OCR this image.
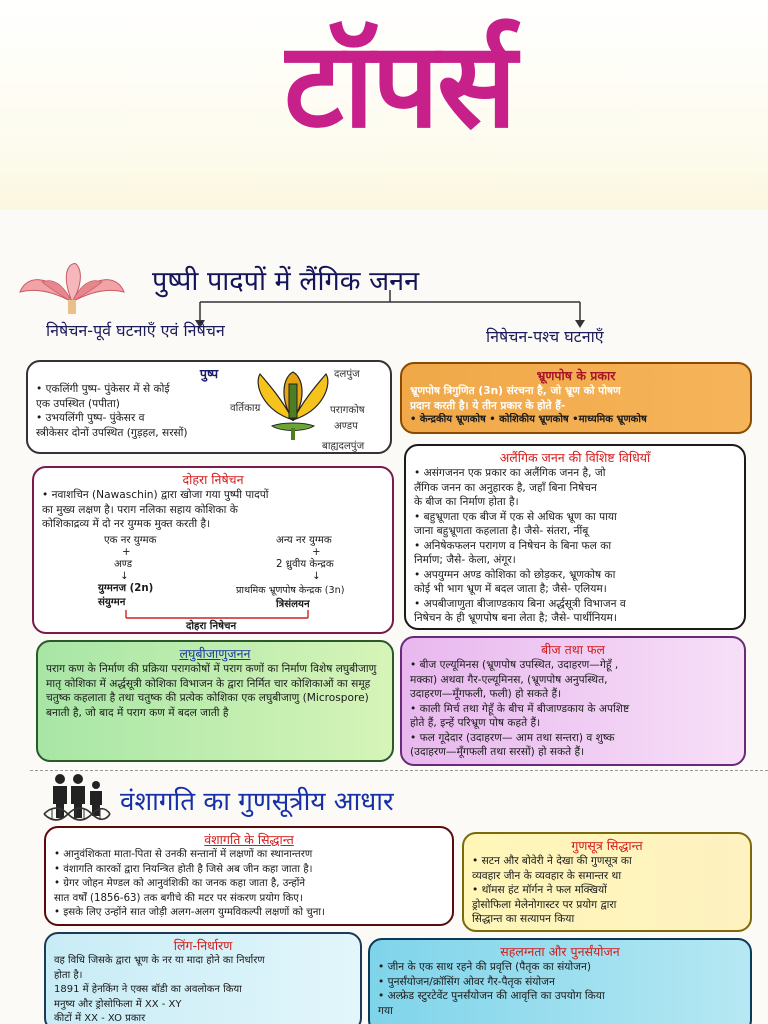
टॉपर्स
पुष्पी पादपों में लैंगिक जनन
निषेचन-पूर्व घटनाएँ एवं निषेचन	निषेचन-पश्च घटनाएँ
पुष्प
• एकलिंगी पुष्प- पुंकेसर में से कोई
एक उपस्थित (पपीता)
• उभयलिंगी पुष्प- पुंकेसर व
स्त्रीकेसर दोनों उपस्थित (गुड़हल, सरसों)
दलपुंज
वर्तिकाग्र	परागकोष
अण्डप
बाह्यदलपुंज
भ्रूणपोष के प्रकार
भ्रूणपोष त्रिगुणित (3n) संरचना है, जो भ्रूण को पोषण
प्रदान करती है। ये तीन प्रकार के होते हैं-
• केन्द्रकीय भ्रूणकोष • कोशिकीय भ्रूणकोष •माध्यमिक भ्रूणकोष
दोहरा निषेचन
• नवाशचिन (Nawaschin) द्वारा खोजा गया पुष्पी पादपों
का मुख्य लक्षण है। पराग नलिका सहाय कोशिका के
कोशिकाद्रव्य में दो नर युग्मक मुक्त करती है।
एक नर युग्मक
+
अण्ड
↓
युग्मनज (2n)
संयुग्मन
अन्य नर युग्मक
+
2 ध्रुवीय केन्द्रक
↓
प्राथमिक भ्रूणपोष केन्द्रक (3n)
त्रिसंलयन
दोहरा निषेचन
अलैंगिक जनन की विशिष्ट विधियाँ
• असंगजनन एक प्रकार का अलैंगिक जनन है, जो
लैंगिक जनन का अनुहारक है, जहाँ बिना निषेचन
के बीज का निर्माण होता है।
• बहुभ्रूणता एक बीज में एक से अधिक भ्रूण का पाया
जाना बहुभ्रूणता कहलाता है। जैसे- संतरा, नींबू
• अनिषेकफलन परागण व निषेचन के बिना फल का
निर्माण; जैसे- केला, अंगूर।
• अपयुग्मन अण्ड कोशिका को छोड़कर, भ्रूणकोष का
कोई भी भाग भ्रूण में बदल जाता है; जैसे- एलियम।
• अपबीजाणुता बीजाण्डकाय बिना अर्द्धसूत्री विभाजन व
निषेचन के ही भ्रूणपोष बना लेता है; जैसे- पार्थीनियम।
लघुबीजाणुजनन
पराग कण के निर्माण की प्रक्रिया परागकोषों में पराग कणों का निर्माण विशेष लघुबीजाणु मातृ कोशिका में अर्द्धसूत्री कोशिका विभाजन के द्वारा निर्मित चार कोशिकाओं का समूह चतुष्क कहलाता है तथा चतुष्क की प्रत्येक कोशिका एक लघुबीजाणु (Microspore) बनाती है, जो बाद में पराग कण में बदल जाती है
बीज तथा फल
• बीज एल्यूमिनस (भ्रूणपोष उपस्थित, उदाहरण—गेहूँ ,
मक्का) अथवा गैर-एल्यूमिनस, (भ्रूणपोष अनुपस्थित,
उदाहरण—मूँगफली, फली) हो सकते हैं।
• काली मिर्च तथा गेहूँ के बीच में बीजाण्डकाय के अपशिष्ट
होते हैं, इन्हें परिभ्रूण पोष कहते हैं।
• फल गूदेदार (उदाहरण— आम तथा सन्तरा) व शुष्क
(उदाहरण—मूँगफली तथा सरसों) हो सकते हैं।
वंशागति का गुणसूत्रीय आधार
वंशागति के सिद्धान्त
• आनुवंशिकता माता-पिता से उनकी सन्तानों में लक्षणों का स्थानान्तरण
• वंशागति कारकों द्वारा नियन्त्रित होती है जिसे अब जीन कहा जाता है।
• ग्रेगर जोहन मेण्डल को आनुवंशिकी का जनक कहा जाता है, उन्होंने
सात वर्षों (1856-63) तक बगीचे की मटर पर संकरण प्रयोग किए।
• इसके लिए उन्होंने सात जोड़ी अलग-अलग युग्मविकल्पी लक्षणों को चुना।
गुणसूत्र सिद्धान्त
• सटन और बोवेरी ने देखा की गुणसूत्र का
व्यवहार जीन के व्यवहार के समान्तर था
• थॉमस हंट मॉर्गन ने फल मक्खियों
ड्रोसोफिला मेलेनोगास्टर पर प्रयोग द्वारा
सिद्धान्त का सत्यापन किया
लिंग-निर्धारण
वह विधि जिसके द्वारा भ्रूण के नर या मादा होने का निर्धारण
होता है।
1891 में हेनकिंग ने एक्स बॉडी का अवलोकन किया
मनुष्य और ड्रोसोफिला में XX - XY
कीटों में XX - XO प्रकार
सहलग्नता और पुनर्संयोजन
• जीन के एक साथ रहने की प्रवृत्ति (पैतृक का संयोजन)
• पुनर्संयोजन/क्रॉसिंग ओवर गैर-पैतृक संयोजन
• अल्फ्रेड स्टुरटेवेंट पुनर्संयोजन की आवृत्ति का उपयोग किया
गया
